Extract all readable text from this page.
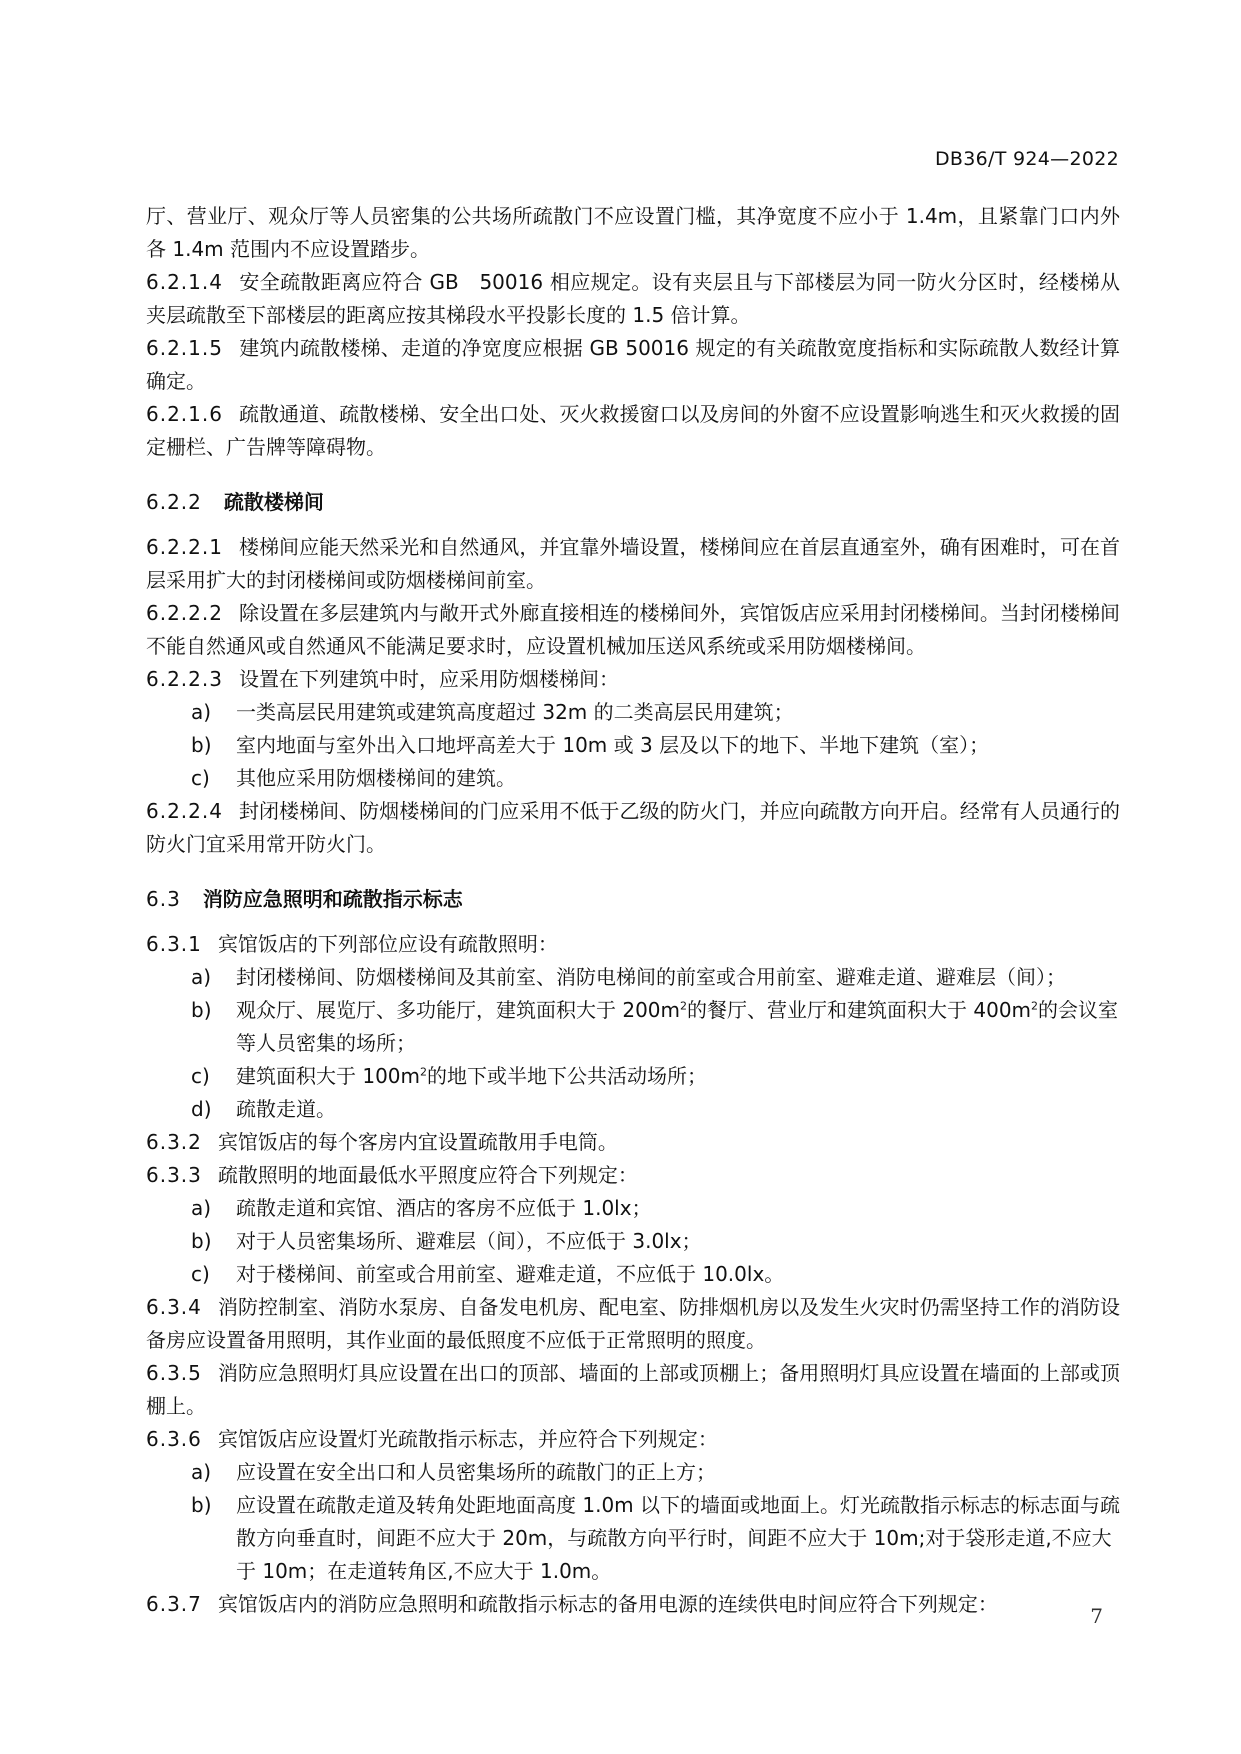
DB36/T 924—2022

厅、营业厅、观众厅等人员密集的公共场所疏散门不应设置门槛，其净宽度不应小于 1.4m，且紧靠门口内外各 1.4m 范围内不应设置踏步。

6.2.1.4 安全疏散距离应符合 GB　50016 相应规定。设有夹层且与下部楼层为同一防火分区时，经楼梯从夹层疏散至下部楼层的距离应按其梯段水平投影长度的 1.5 倍计算。

6.2.1.5 建筑内疏散楼梯、走道的净宽度应根据 GB 50016 规定的有关疏散宽度指标和实际疏散人数经计算确定。

6.2.1.6 疏散通道、疏散楼梯、安全出口处、灭火救援窗口以及房间的外窗不应设置影响逃生和灭火救援的固定栅栏、广告牌等障碍物。

6.2.2 疏散楼梯间

6.2.2.1 楼梯间应能天然采光和自然通风，并宜靠外墙设置，楼梯间应在首层直通室外，确有困难时，可在首层采用扩大的封闭楼梯间或防烟楼梯间前室。

6.2.2.2 除设置在多层建筑内与敞开式外廊直接相连的楼梯间外，宾馆饭店应采用封闭楼梯间。当封闭楼梯间不能自然通风或自然通风不能满足要求时，应设置机械加压送风系统或采用防烟楼梯间。

6.2.2.3 设置在下列建筑中时，应采用防烟楼梯间：

a) 一类高层民用建筑或建筑高度超过 32m 的二类高层民用建筑；

b) 室内地面与室外出入口地坪高差大于 10m 或 3 层及以下的地下、半地下建筑（室）；

c) 其他应采用防烟楼梯间的建筑。

6.2.2.4 封闭楼梯间、防烟楼梯间的门应采用不低于乙级的防火门，并应向疏散方向开启。经常有人员通行的防火门宜采用常开防火门。

6.3 消防应急照明和疏散指示标志

6.3.1 宾馆饭店的下列部位应设有疏散照明：

a) 封闭楼梯间、防烟楼梯间及其前室、消防电梯间的前室或合用前室、避难走道、避难层（间）；

b) 观众厅、展览厅、多功能厅，建筑面积大于 $200m^2$的餐厅、营业厅和建筑面积大于 $400m^2$的会议室等人员密集的场所；

c) 建筑面积大于 $100m^2$的地下或半地下公共活动场所；

d) 疏散走道。

6.3.2 宾馆饭店的每个客房内宜设置疏散用手电筒。

6.3.3 疏散照明的地面最低水平照度应符合下列规定：

a) 疏散走道和宾馆、酒店的客房不应低于 1.0lx；

b) 对于人员密集场所、避难层（间），不应低于 3.0lx；

c) 对于楼梯间、前室或合用前室、避难走道，不应低于 10.0lx。

6.3.4 消防控制室、消防水泵房、自备发电机房、配电室、防排烟机房以及发生火灾时仍需坚持工作的消防设备房应设置备用照明，其作业面的最低照度不应低于正常照明的照度。

6.3.5 消防应急照明灯具应设置在出口的顶部、墙面的上部或顶棚上；备用照明灯具应设置在墙面的上部或顶棚上。

6.3.6 宾馆饭店应设置灯光疏散指示标志，并应符合下列规定：

a) 应设置在安全出口和人员密集场所的疏散门的正上方；

b) 应设置在疏散走道及转角处距地面高度 1.0m 以下的墙面或地面上。灯光疏散指示标志的标志面与疏散方向垂直时，间距不应大于 20m，与疏散方向平行时，间距不应大于 10m;对于袋形走道,不应大于 10m；在走道转角区,不应大于 1.0m。

6.3.7 宾馆饭店内的消防应急照明和疏散指示标志的备用电源的连续供电时间应符合下列规定：	7
